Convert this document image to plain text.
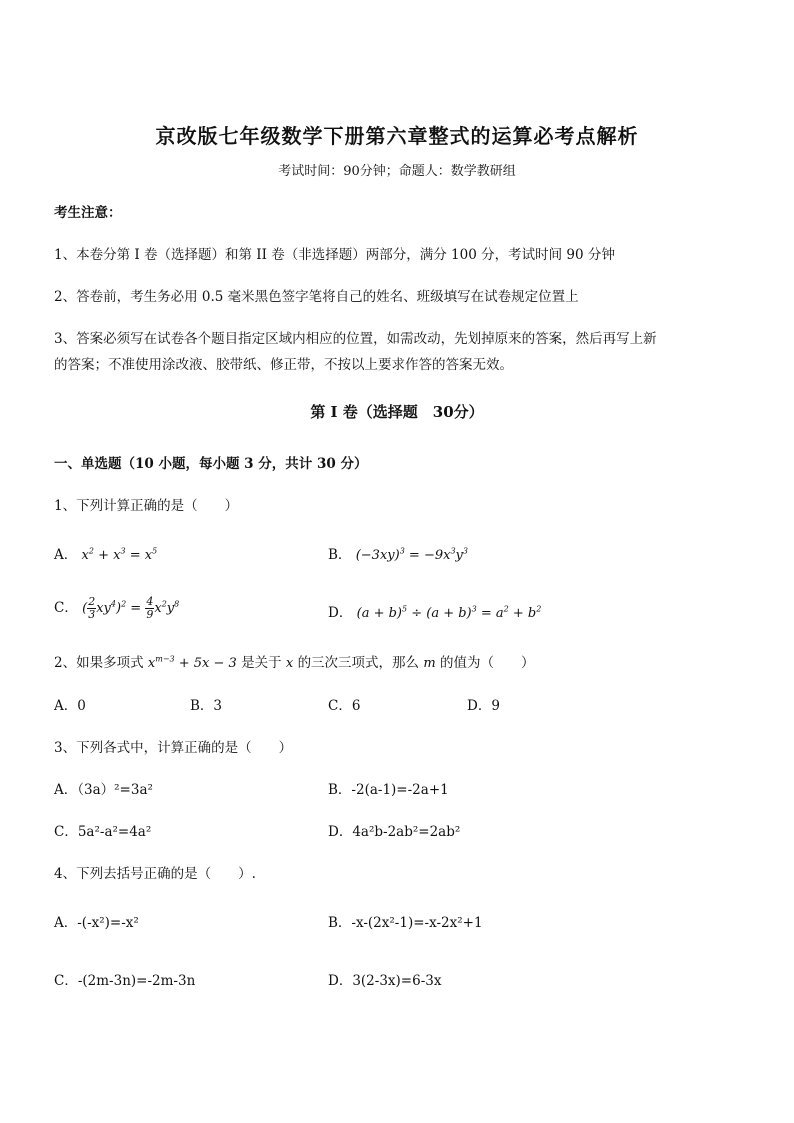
京改版七年级数学下册第六章整式的运算必考点解析
考试时间：90分钟；命题人：数学教研组
考生注意：
1、本卷分第 I 卷（选择题）和第 II 卷（非选择题）两部分，满分 100 分，考试时间 90 分钟
2、答卷前，考生务必用 0.5 毫米黑色签字笔将自己的姓名、班级填写在试卷规定位置上
3、答案必须写在试卷各个题目指定区域内相应的位置，如需改动，先划掉原来的答案，然后再写上新
的答案；不准使用涂改液、胶带纸、修正带，不按以上要求作答的答案无效。
第 I 卷（选择题　30分）
一、单选题（10 小题，每小题 3 分，共计 30 分）
1、下列计算正确的是（　　）
A． $x^2 + x^3 = x^5$	B． $(-3xy)^3 = -9x^3y^3$
C． ( $\frac{2}{3} xy^4)^2 = \frac{4}{9} x^2y^8$
D． $(a + b)^5 \div (a + b)^3 = a^2 + b^2$
2、如果多项式 $x^{m-3} + 5x - 3$ 是关于 x 的三次三项式，那么 m 的值为（　　）
A．0	B．3	C．6	D．9
3、下列各式中，计算正确的是（　　）
A．（3a）²=3a²	B．-2(a-1)=-2a+1
C．5a²-a²=4a²	D．4a²b-2ab²=2ab²
4、下列去括号正确的是（　　）.
A．-(-x²)=-x²	B．-x-(2x²-1)=-x-2x²+1
C．-(2m-3n)=-2m-3n	D．3(2-3x)=6-3x
